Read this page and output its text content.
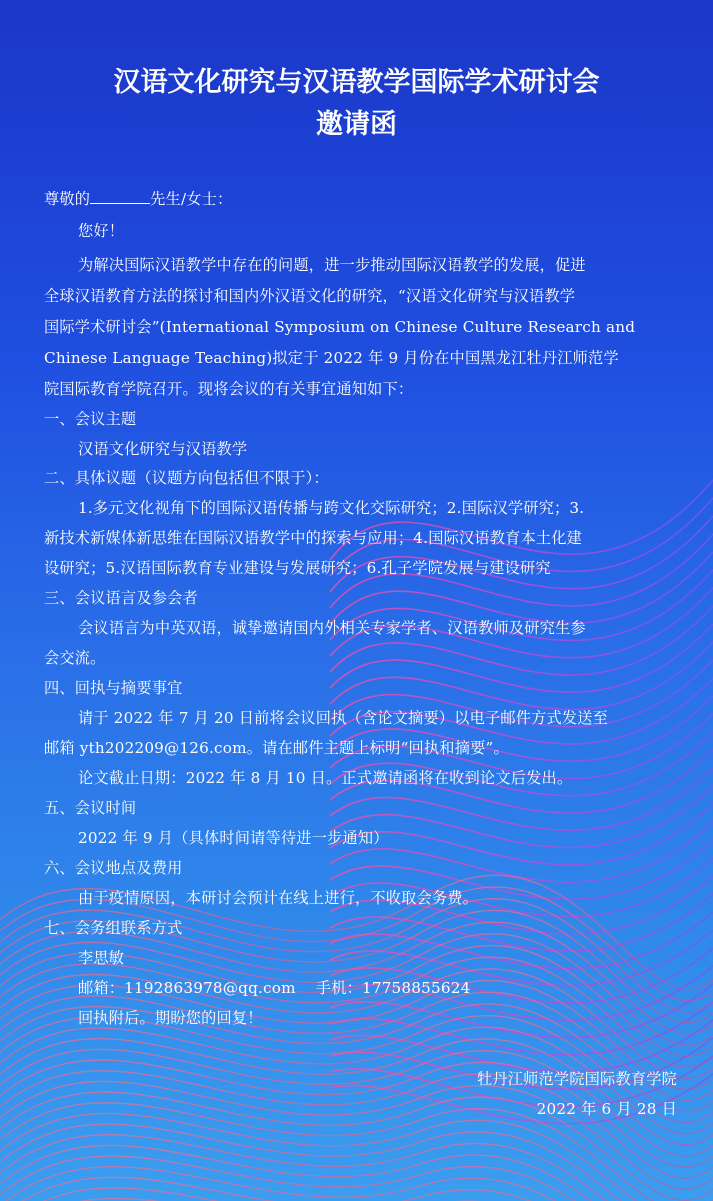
汉语文化研究与汉语教学国际学术研讨会
邀请函
尊敬的	先生/女士：
您好！
为解决国际汉语教学中存在的问题，进一步推动国际汉语教学的发展，促进
全球汉语教育方法的探讨和国内外汉语文化的研究，“汉语文化研究与汉语教学
国际学术研讨会”(International Symposium on Chinese Culture Research and
Chinese Language Teaching)拟定于 2022 年 9 月份在中国黑龙江牡丹江师范学
院国际教育学院召开。现将会议的有关事宜通知如下：
一、会议主题
汉语文化研究与汉语教学
二、具体议题（议题方向包括但不限于）：
1.多元文化视角下的国际汉语传播与跨文化交际研究；2.国际汉学研究；3.
新技术新媒体新思维在国际汉语教学中的探索与应用；4.国际汉语教育本土化建
设研究；5.汉语国际教育专业建设与发展研究；6.孔子学院发展与建设研究
三、会议语言及参会者
会议语言为中英双语，诚挚邀请国内外相关专家学者、汉语教师及研究生参
会交流。
四、回执与摘要事宜
请于 2022 年 7 月 20 日前将会议回执（含论文摘要）以电子邮件方式发送至
邮箱 yth202209@126.com。请在邮件主题上标明“回执和摘要”。
论文截止日期：2022 年 8 月 10 日。正式邀请函将在收到论文后发出。
五、会议时间
2022 年 9 月（具体时间请等待进一步通知）
六、会议地点及费用
由于疫情原因，本研讨会预计在线上进行，不收取会务费。
七、会务组联系方式
李思敏
邮箱：1192863978@qq.com    手机：17758855624
回执附后。期盼您的回复！
牡丹江师范学院国际教育学院
2022 年 6 月 28 日
